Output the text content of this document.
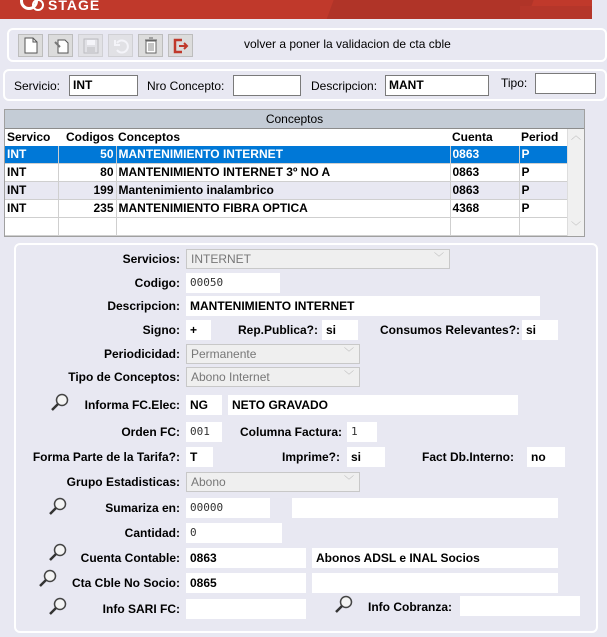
STAGE
volver a poner la validacion de cta cble
Servicio:	INT	Nro Concepto:	Descripcion: MANT	Tipo:
Conceptos
Servico	Codigos	Conceptos	Cuenta	Period
INT	50	MANTENIMIENTO INTERNET	0863	P
INT	80	MANTENIMIENTO INTERNET 3º NO A	0863	P
INT	199	Mantenimiento inalambrico	0863	P
INT	235	MANTENIMIENTO FIBRA OPTICA	4368	P

︿
﹀
Servicios: INTERNET	﹀
Codigo: 00050
Descripcion: MANTENIMIENTO INTERNET
Signo: +	Rep.Publica?: si	Consumos Relevantes?: si
Periodicidad: Permanente	﹀
Tipo de Conceptos: Abono Internet	﹀
Informa FC.Elec: NG	NETO GRAVADO
Orden FC: 001	Columna Factura: 1
Forma Parte de la Tarifa?: T	Imprime?: si	Fact Db.Interno:	no
Grupo Estadisticas: Abono	﹀
Sumariza en: 00000
Cantidad: 0
Cuenta Contable: 0863	Abonos ADSL e INAL Socios
Cta Cble No Socio: 0865
Info SARI FC:	Info Cobranza:
